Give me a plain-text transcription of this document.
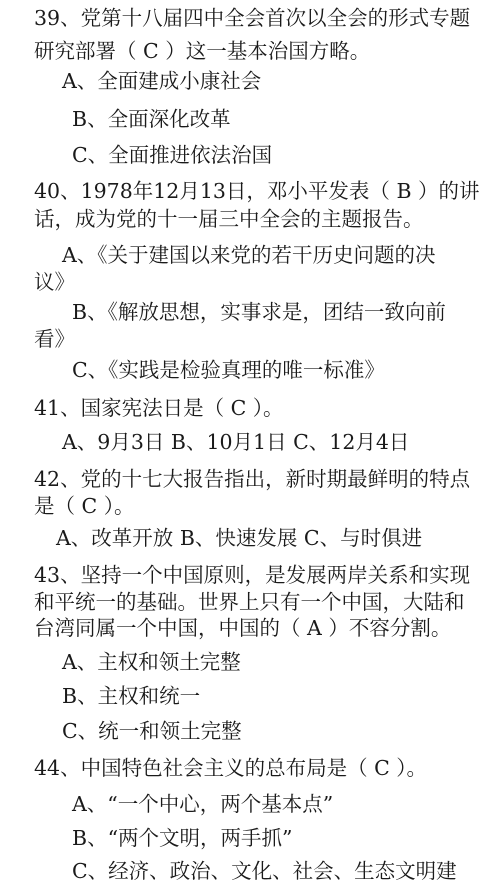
39、党第十八届四中全会首次以全会的形式专题
研究部署（ C ）这一基本治国方略。
A、全面建成小康社会
B、全面深化改革
C、全面推进依法治国
40、1978年12月13日，邓小平发表（ B ）的讲
话，成为党的十一届三中全会的主题报告。
A、《关于建国以来党的若干历史问题的决
议》
B、《解放思想，实事求是，团结一致向前
看》
C、《实践是检验真理的唯一标准》
41、国家宪法日是（ C ）。
A、9月3日 B、10月1日 C、12月4日
42、党的十七大报告指出，新时期最鲜明的特点
是（ C ）。
A、改革开放 B、快速发展 C、与时俱进
43、坚持一个中国原则，是发展两岸关系和实现
和平统一的基础。世界上只有一个中国，大陆和
台湾同属一个中国，中国的（ A ）不容分割。
A、主权和领土完整
B、主权和统一
C、统一和领土完整
44、中国特色社会主义的总布局是（ C ）。
A、“一个中心，两个基本点”
B、“两个文明，两手抓”
C、经济、政治、文化、社会、生态文明建
